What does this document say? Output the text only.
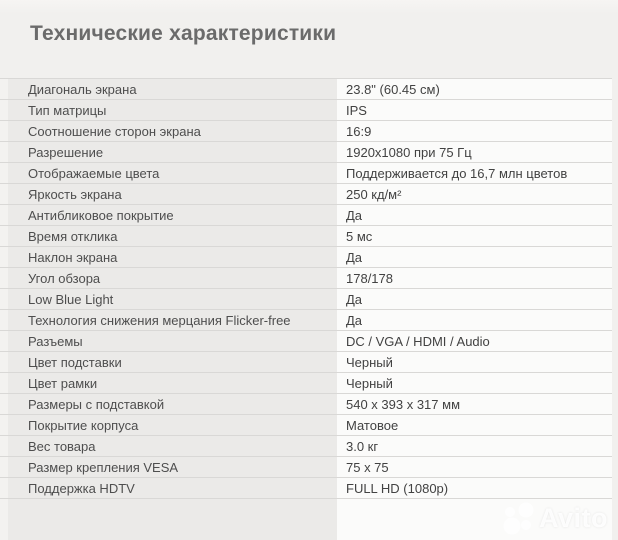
Технические характеристики
Диагональ экрана	23.8" (60.45 см)
Тип матрицы	IPS
Соотношение сторон экрана	16:9
Разрешение	1920x1080 при 75 Гц
Отображаемые цвета	Поддерживается до 16,7 млн цветов
Яркость экрана	250 кд/м²
Антибликовое покрытие	Да
Время отклика	5 мс
Наклон экрана	Да
Угол обзора	178/178
Low Blue Light	Да
Технология снижения мерцания Flicker-free	Да
Разъемы	DC / VGA / HDMI / Audio
Цвет подставки	Черный
Цвет рамки	Черный
Размеры с подставкой	540 x 393 x 317 мм
Покрытие корпуса	Матовое
Вес товара	3.0 кг
Размер крепления VESA	75 x 75
Поддержка HDTV	FULL HD (1080p)
Avito
